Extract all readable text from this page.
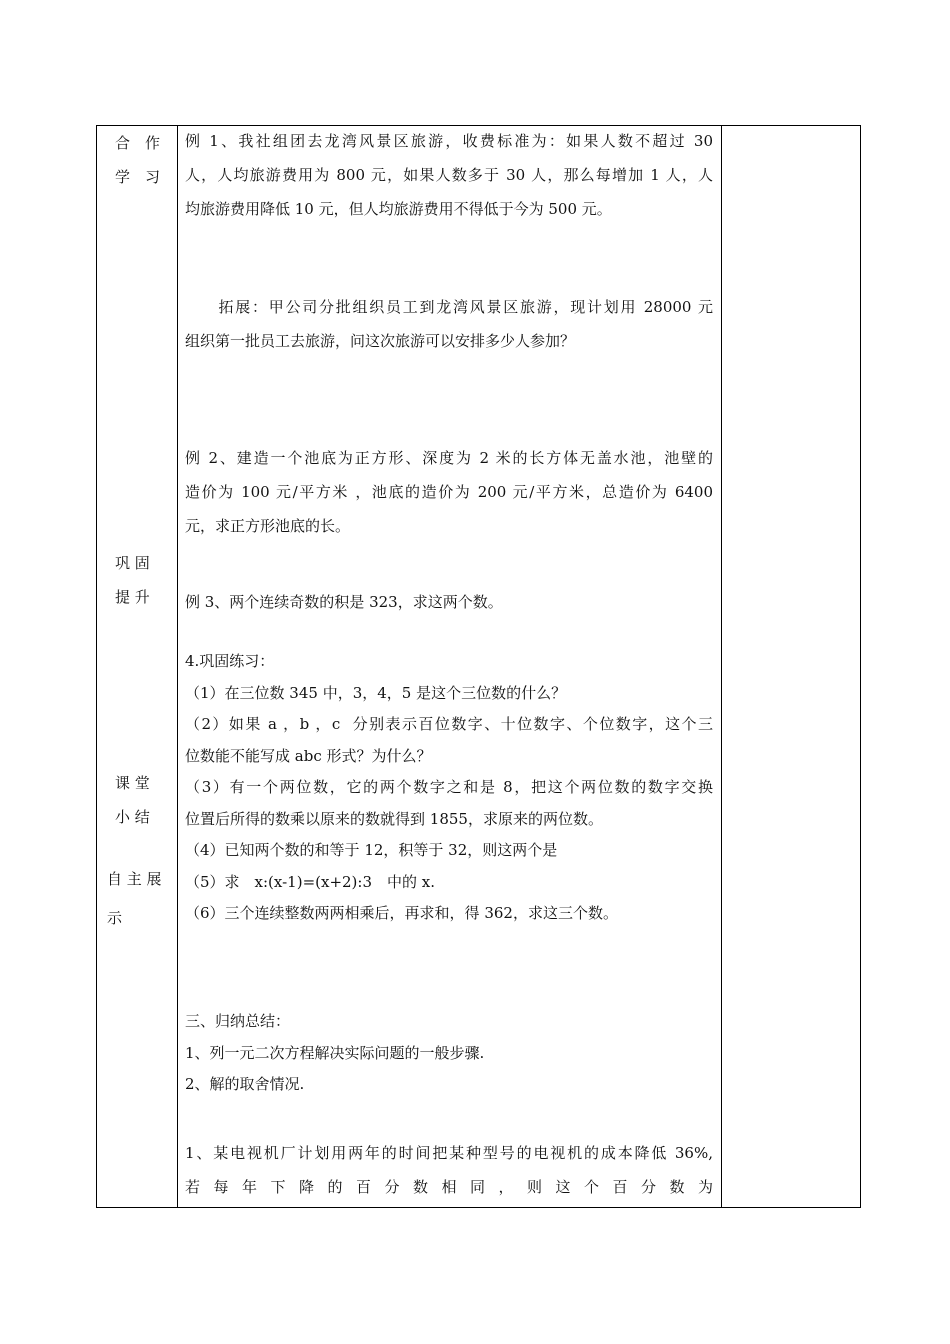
合　作
学　习
巩 固
提 升
课 堂
小 结
自 主 展
示

例 1、我社组团去龙湾风景区旅游，收费标准为：如果人数不超过 30

人，人均旅游费用为 800 元，如果人数多于 30 人，那么每增加 1 人，人

均旅游费用降低 10 元，但人均旅游费用不得低于今为 500 元。

　　拓展：甲公司分批组织员工到龙湾风景区旅游，现计划用 28000 元

组织第一批员工去旅游，问这次旅游可以安排多少人参加？

例 2、建造一个池底为正方形、深度为 2 米的长方体无盖水池，池壁的

造价为 100 元/平方米 ，池底的造价为 200 元/平方米，总造价为 6400

元，求正方形池底的长。

例 3、两个连续奇数的积是 323，求这两个数。

4.巩固练习：

（1）在三位数 345 中，3，4，5 是这个三位数的什么？

（2）如果 a ，b ，c  分别表示百位数字、十位数字、个位数字，这个三

位数能不能写成 abc 形式？为什么？

（3）有一个两位数，它的两个数字之和是 8，把这个两位数的数字交换

位置后所得的数乘以原来的数就得到 1855，求原来的两位数。

（4）已知两个数的和等于 12，积等于 32，则这两个是

（5）求　x:(x-1)=(x+2):3　中的 x.

（6）三个连续整数两两相乘后，再求和，得 362，求这三个数。

三、归纳总结：

1、列一元二次方程解决实际问题的一般步骤.

2、解的取舍情况.

1、某电视机厂计划用两年的时间把某种型号的电视机的成本降低 36%,

若 每 年 下 降 的 百 分 数 相 同 ， 则 这 个 百 分 数 为
